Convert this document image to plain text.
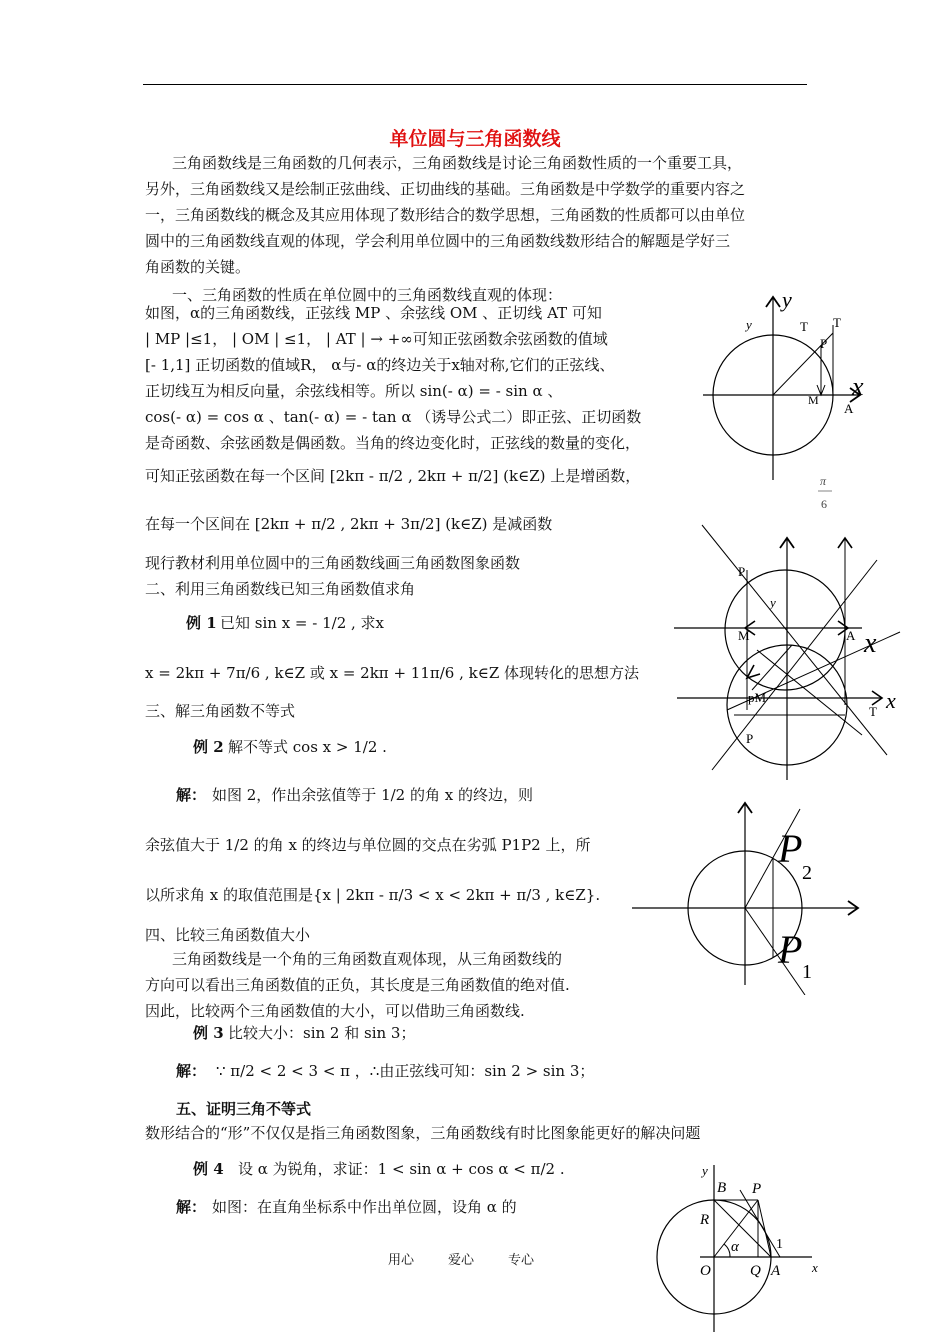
单位圆与三角函数线
三角函数线是三角函数的几何表示，三角函数线是讨论三角函数性质的一个重要工具，
另外，三角函数线又是绘制正弦曲线、正切曲线的基础。三角函数是中学数学的重要内容之
一，三角函数线的概念及其应用体现了数形结合的数学思想，三角函数的性质都可以由单位
圆中的三角函数线直观的体现，学会利用单位圆中的三角函数线数形结合的解题是学好三
角函数的关键。
一、三角函数的性质在单位圆中的三角函数线直观的体现：
如图，α的三角函数线，正弦线 MP 、余弦线 OM 、正切线 AT 可知
| MP |≤1， | OM | ≤1， | AT | → +∞可知正弦函数余弦函数的值域
[- 1,1] 正切函数的值域R， α与- α的终边关于x轴对称,它们的正弦线、
正切线互为相反向量，余弦线相等。所以 sin(- α) = - sin α 、
cos(- α) = cos α 、tan(- α) = - tan α （诱导公式二）即正弦、正切函数
是奇函数、余弦函数是偶函数。当角的终边变化时，正弦线的数量的变化，
可知正弦函数在每一个区间 [2kπ - π/2 , 2kπ + π/2] (k∈Z) 上是增函数，
在每一个区间在 [2kπ + π/2 , 2kπ + 3π/2] (k∈Z) 是减函数
现行教材利用单位圆中的三角函数线画三角函数图象函数
二、利用三角函数线已知三角函数值求角
例 1 已知 sin x = - 1/2 , 求x
x = 2kπ + 7π/6 , k∈Z 或 x = 2kπ + 11π/6 , k∈Z 体现转化的思想方法
三、解三角函数不等式
例 2 解不等式 cos x > 1/2 .
解： 如图 2，作出余弦值等于 1/2 的角 x 的终边，则
余弦值大于 1/2 的角 x 的终边与单位圆的交点在劣弧 P1P2 上，所
以所求角 x 的取值范围是{x | 2kπ - π/3 < x < 2kπ + π/3 , k∈Z}.
四、比较三角函数值大小
三角函数线是一个角的三角函数直观体现，从三角函数线的
方向可以看出三角函数值的正负，其长度是三角函数值的绝对值.
因此，比较两个三角函数值的大小，可以借助三角函数线.
例 3 比较大小：sin 2 和 sin 3；
解： ∵ π/2 < 2 < 3 < π ，∴由正弦线可知：sin 2 > sin 3；
五、证明三角不等式
数形结合的“形”不仅仅是指三角函数图象，三角函数线有时比图象能更好的解决问题
例 4 设 α 为锐角，求证：1 < sin α + cos α < π/2 .
解： 如图：在直角坐标系中作出单位圆，设角 α 的
用心	爱心	专心
y
y	T T
P
x
M
A
π
6
P
y
M	A x
pM
T x
P
P
2
P 1
y
B P
R
α	1
O	Q A x
